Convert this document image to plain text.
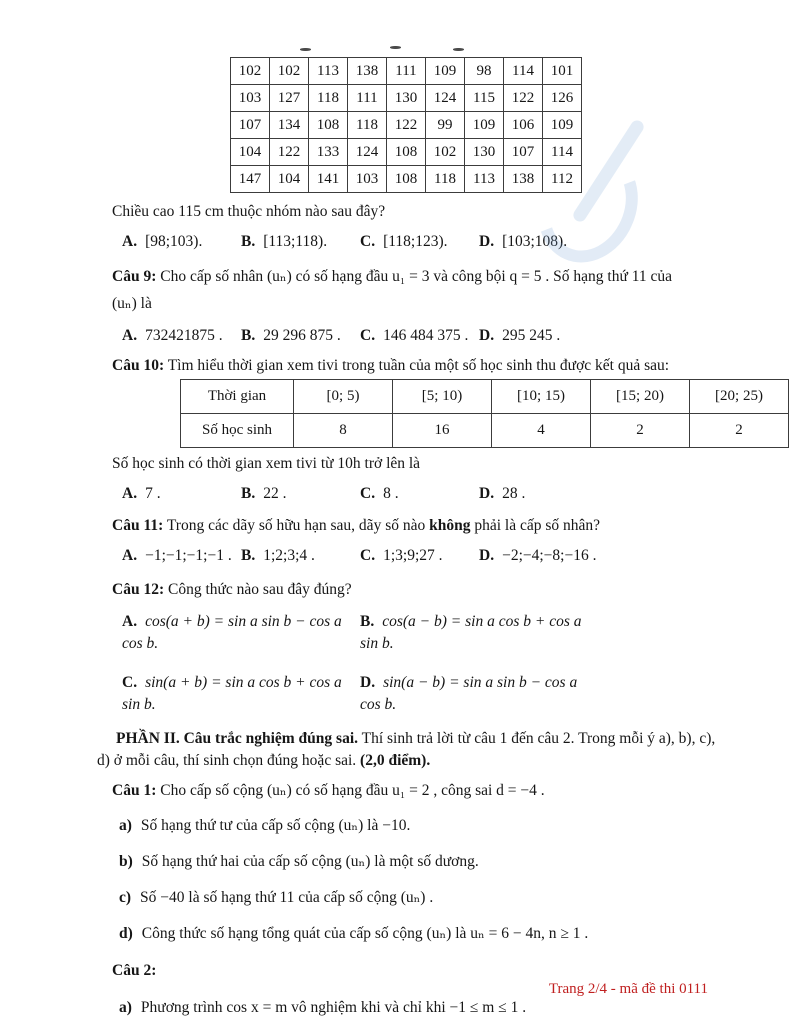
102	102	113	138	111	109	98	114	101
103	127	118	111	130	124	115	122	126
107	134	108	118	122	99	109	106	109
104	122	133	124	108	102	130	107	114
147	104	141	103	108	118	113	138	112

Chiều cao 115 cm thuộc nhóm nào sau đây?

A. [98;103).	B. [113;118).	C. [118;123).	D. [103;108).

Câu 9: Cho cấp số nhân (uₙ) có số hạng đầu u₁ = 3 và công bội q = 5 . Số hạng thứ 11 của
(uₙ) là

A. 732421875 .	B. 29 296 875 .	C. 146 484 375 . D. 295 245 .

Câu 10: Tìm hiểu thời gian xem tivi trong tuần của một số học sinh thu được kết quả sau:

Thời gian	[0; 5)	[5; 10)	[10; 15)	[15; 20)	[20; 25)
Số học sinh	8	16	4	2	2

Số học sinh có thời gian xem tivi từ 10h trở lên là

A. 7 .	B. 22 .	C. 8 .	D. 28 .

Câu 11: Trong các dãy số hữu hạn sau, dãy số nào không phải là cấp số nhân?

A. −1;−1;−1;−1 . B. 1;2;3;4 .	C. 1;3;9;27 .	D. −2;−4;−8;−16 .

Câu 12: Công thức nào sau đây đúng?

A. cos(a + b) = sin a sin b − cos a cos b.
B. cos(a − b) = sin a cos b + cos a sin b.
C. sin(a + b) = sin a cos b + cos a sin b.
D. sin(a − b) = sin a sin b − cos a cos b.

PHẦN II. Câu trắc nghiệm đúng sai. Thí sinh trả lời từ câu 1 đến câu 2. Trong mỗi ý a), b), c), d) ở mỗi câu, thí sinh chọn đúng hoặc sai. (2,0 điểm).

Câu 1: Cho cấp số cộng (uₙ) có số hạng đầu u₁ = 2 , công sai d = −4 .

a) Số hạng thứ tư của cấp số cộng (uₙ) là −10.

b) Số hạng thứ hai của cấp số cộng (uₙ) là một số dương.

c) Số −40 là số hạng thứ 11 của cấp số cộng (uₙ) .

d) Công thức số hạng tổng quát của cấp số cộng (uₙ) là uₙ = 6 − 4n, n ≥ 1 .

Câu 2:

a) Phương trình cos x = m vô nghiệm khi và chỉ khi −1 ≤ m ≤ 1 .

Trang 2/4 - mã đề thi 0111
